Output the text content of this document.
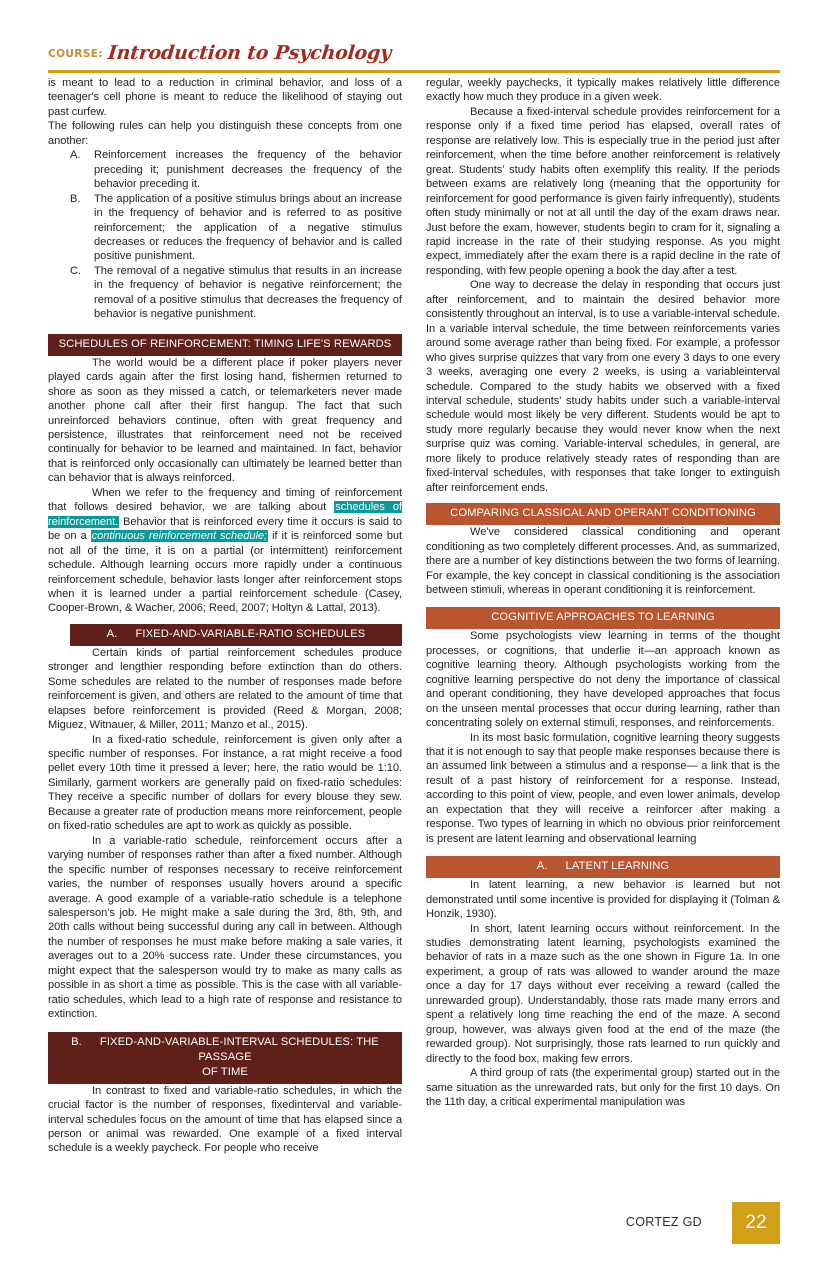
COURSE: Introduction to Psychology

is meant to lead to a reduction in criminal behavior, and loss of a teenager's cell phone is meant to reduce the likelihood of staying out past curfew.

The following rules can help you distinguish these concepts from one another:

A.	Reinforcement increases the frequency of the behavior preceding it; punishment decreases the frequency of the behavior preceding it.
B.	The application of a positive stimulus brings about an increase in the frequency of behavior and is referred to as positive reinforcement; the application of a negative stimulus decreases or reduces the frequency of behavior and is called positive punishment.
C.	The removal of a negative stimulus that results in an increase in the frequency of behavior is negative reinforcement; the removal of a positive stimulus that decreases the frequency of behavior is negative punishment.
SCHEDULES OF REINFORCEMENT: TIMING LIFE'S REWARDS

The world would be a different place if poker players never played cards again after the first losing hand, fishermen returned to shore as soon as they missed a catch, or telemarketers never made another phone call after their first hangup. The fact that such unreinforced behaviors continue, often with great frequency and persistence, illustrates that reinforcement need not be received continually for behavior to be learned and maintained. In fact, behavior that is reinforced only occasionally can ultimately be learned better than can behavior that is always reinforced.

When we refer to the frequency and timing of reinforcement that follows desired behavior, we are talking about schedules of reinforcement. Behavior that is reinforced every time it occurs is said to be on a continuous reinforcement schedule; if it is reinforced some but not all of the time, it is on a partial (or intermittent) reinforcement schedule. Although learning occurs more rapidly under a continuous reinforcement schedule, behavior lasts longer after reinforcement stops when it is learned under a partial reinforcement schedule (Casey, Cooper-Brown, & Wacher, 2006; Reed, 2007; Holtyn & Lattal, 2013).

A. FIXED-AND-VARIABLE-RATIO SCHEDULES

Certain kinds of partial reinforcement schedules produce stronger and lengthier responding before extinction than do others. Some schedules are related to the number of responses made before reinforcement is given, and others are related to the amount of time that elapses before reinforcement is provided (Reed & Morgan, 2008; Miguez, Witnauer, & Miller, 2011; Manzo et al., 2015).

In a fixed-ratio schedule, reinforcement is given only after a specific number of responses. For instance, a rat might receive a food pellet every 10th time it pressed a lever; here, the ratio would be 1:10. Similarly, garment workers are generally paid on fixed-ratio schedules: They receive a specific number of dollars for every blouse they sew. Because a greater rate of production means more reinforcement, people on fixed-ratio schedules are apt to work as quickly as possible.

In a variable-ratio schedule, reinforcement occurs after a varying number of responses rather than after a fixed number. Although the specific number of responses necessary to receive reinforcement varies, the number of responses usually hovers around a specific average. A good example of a variable-ratio schedule is a telephone salesperson's job. He might make a sale during the 3rd, 8th, 9th, and 20th calls without being successful during any call in between. Although the number of responses he must make before making a sale varies, it averages out to a 20% success rate. Under these circumstances, you might expect that the salesperson would try to make as many calls as possible in as short a time as possible. This is the case with all variable-ratio schedules, which lead to a high rate of response and resistance to extinction.

B. FIXED-AND-VARIABLE-INTERVAL SCHEDULES: THE PASSAGE
OF TIME

In contrast to fixed and variable-ratio schedules, in which the crucial factor is the number of responses, fixedinterval and variable-interval schedules focus on the amount of time that has elapsed since a person or animal was rewarded. One example of a fixed interval schedule is a weekly paycheck. For people who receive

regular, weekly paychecks, it typically makes relatively little difference exactly how much they produce in a given week.

Because a fixed-interval schedule provides reinforcement for a response only if a fixed time period has elapsed, overall rates of response are relatively low. This is especially true in the period just after reinforcement, when the time before another reinforcement is relatively great. Students' study habits often exemplify this reality. If the periods between exams are relatively long (meaning that the opportunity for reinforcement for good performance is given fairly infrequently), students often study minimally or not at all until the day of the exam draws near. Just before the exam, however, students begin to cram for it, signaling a rapid increase in the rate of their studying response. As you might expect, immediately after the exam there is a rapid decline in the rate of responding, with few people opening a book the day after a test.

One way to decrease the delay in responding that occurs just after reinforcement, and to maintain the desired behavior more consistently throughout an interval, is to use a variable-interval schedule. In a variable interval schedule, the time between reinforcements varies around some average rather than being fixed. For example, a professor who gives surprise quizzes that vary from one every 3 days to one every 3 weeks, averaging one every 2 weeks, is using a variableinterval schedule. Compared to the study habits we observed with a fixed interval schedule, students' study habits under such a variable-interval schedule would most likely be very different. Students would be apt to study more regularly because they would never know when the next surprise quiz was coming. Variable-interval schedules, in general, are more likely to produce relatively steady rates of responding than are fixed-interval schedules, with responses that take longer to extinguish after reinforcement ends.

COMPARING CLASSICAL AND OPERANT CONDITIONING

We've considered classical conditioning and operant conditioning as two completely different processes. And, as summarized, there are a number of key distinctions between the two forms of learning. For example, the key concept in classical conditioning is the association between stimuli, whereas in operant conditioning it is reinforcement.

COGNITIVE APPROACHES TO LEARNING

Some psychologists view learning in terms of the thought processes, or cognitions, that underlie it—an approach known as cognitive learning theory. Although psychologists working from the cognitive learning perspective do not deny the importance of classical and operant conditioning, they have developed approaches that focus on the unseen mental processes that occur during learning, rather than concentrating solely on external stimuli, responses, and reinforcements.

In its most basic formulation, cognitive learning theory suggests that it is not enough to say that people make responses because there is an assumed link between a stimulus and a response— a link that is the result of a past history of reinforcement for a response. Instead, according to this point of view, people, and even lower animals, develop an expectation that they will receive a reinforcer after making a response. Two types of learning in which no obvious prior reinforcement is present are latent learning and observational learning

A. LATENT LEARNING

In latent learning, a new behavior is learned but not demonstrated until some incentive is provided for displaying it (Tolman & Honzik, 1930).

In short, latent learning occurs without reinforcement. In the studies demonstrating latent learning, psychologists examined the behavior of rats in a maze such as the one shown in Figure 1a. In one experiment, a group of rats was allowed to wander around the maze once a day for 17 days without ever receiving a reward (called the unrewarded group). Understandably, those rats made many errors and spent a relatively long time reaching the end of the maze. A second group, however, was always given food at the end of the maze (the rewarded group). Not surprisingly, those rats learned to run quickly and directly to the food box, making few errors.

A third group of rats (the experimental group) started out in the same situation as the unrewarded rats, but only for the first 10 days. On the 11th day, a critical experimental manipulation was

CORTEZ GD	22
